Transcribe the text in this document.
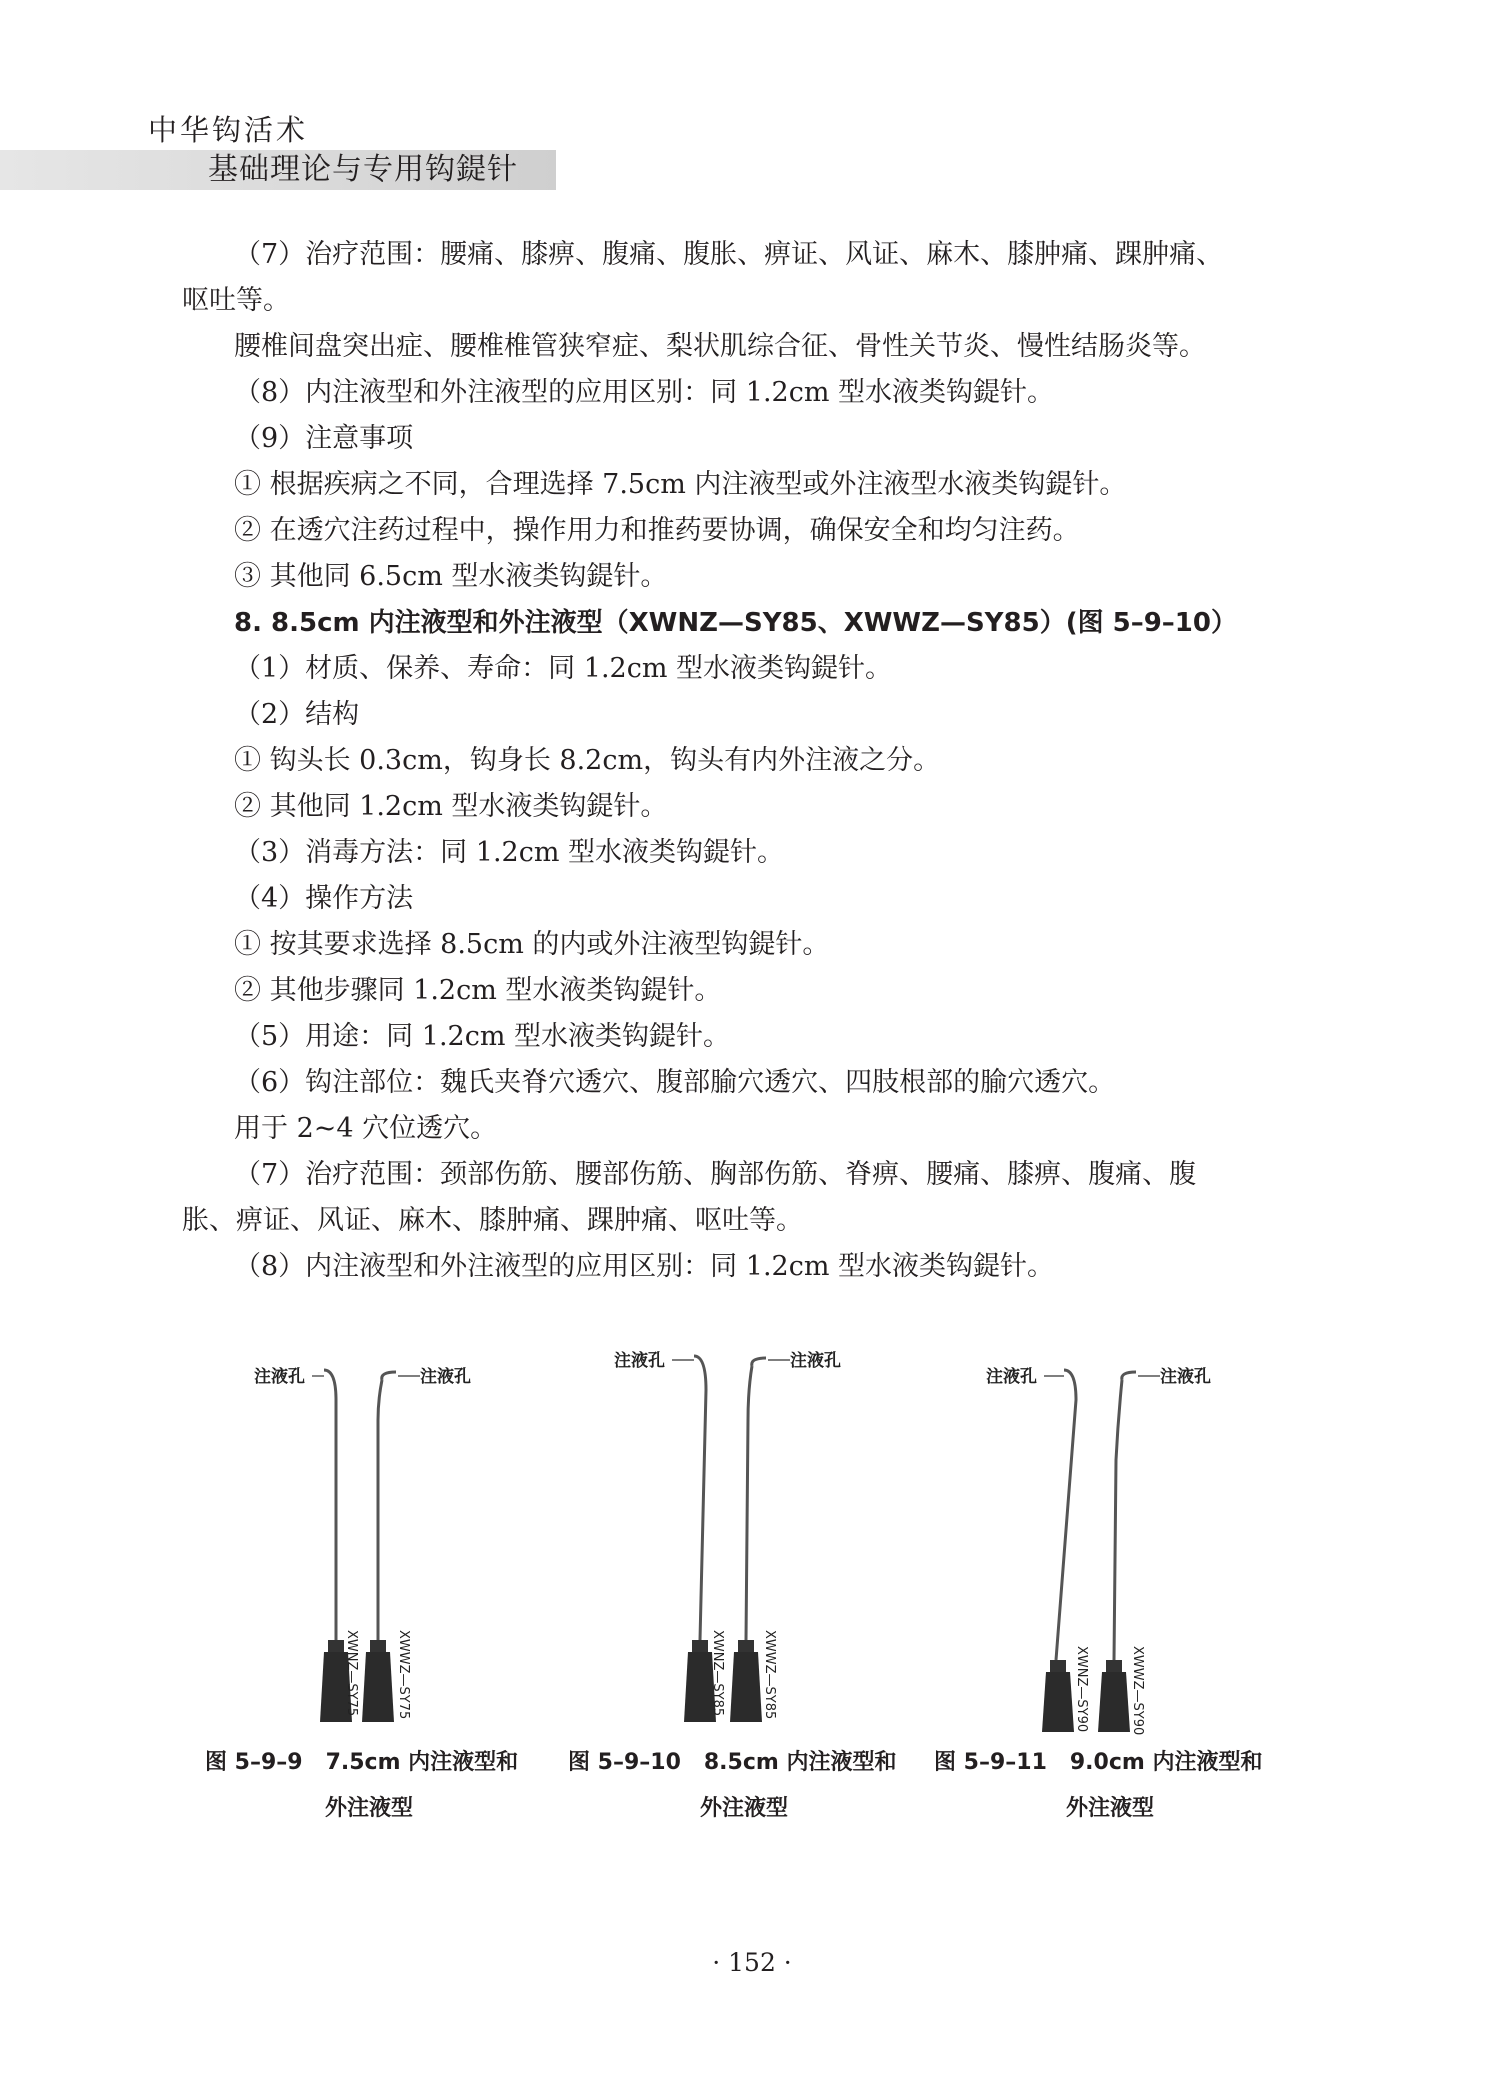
中华钩活术
基础理论与专用钩鍉针
（7）治疗范围：腰痛、膝痹、腹痛、腹胀、痹证、风证、麻木、膝肿痛、踝肿痛、
呕吐等。
腰椎间盘突出症、腰椎椎管狭窄症、梨状肌综合征、骨性关节炎、慢性结肠炎等。
（8）内注液型和外注液型的应用区别：同 1.2cm 型水液类钩鍉针。
（9）注意事项
① 根据疾病之不同，合理选择 7.5cm 内注液型或外注液型水液类钩鍉针。
② 在透穴注药过程中，操作用力和推药要协调，确保安全和均匀注药。
③ 其他同 6.5cm 型水液类钩鍉针。
8. 8.5cm 内注液型和外注液型（XWNZ—SY85、XWWZ—SY85）(图 5–9–10）
（1）材质、保养、寿命：同 1.2cm 型水液类钩鍉针。
（2）结构
① 钩头长 0.3cm，钩身长 8.2cm，钩头有内外注液之分。
② 其他同 1.2cm 型水液类钩鍉针。
（3）消毒方法：同 1.2cm 型水液类钩鍉针。
（4）操作方法
① 按其要求选择 8.5cm 的内或外注液型钩鍉针。
② 其他步骤同 1.2cm 型水液类钩鍉针。
（5）用途：同 1.2cm 型水液类钩鍉针。
（6）钩注部位：魏氏夹脊穴透穴、腹部腧穴透穴、四肢根部的腧穴透穴。
用于 2~4 穴位透穴。
（7）治疗范围：颈部伤筋、腰部伤筋、胸部伤筋、脊痹、腰痛、膝痹、腹痛、腹
胀、痹证、风证、麻木、膝肿痛、踝肿痛、呕吐等。
（8）内注液型和外注液型的应用区别：同 1.2cm 型水液类钩鍉针。
注液孔
XWNZ—SY75
注液孔
XWWZ—SY75
图 5–9–9 7.5cm 内注液型和
外注液型
注液孔
XWNZ—SY85
注液孔
XWWZ—SY85
图 5–9–10 8.5cm 内注液型和
外注液型
注液孔
XWNZ—SY90
注液孔
XWWZ—SY90
图 5–9–11 9.0cm 内注液型和
外注液型
· 152 ·
